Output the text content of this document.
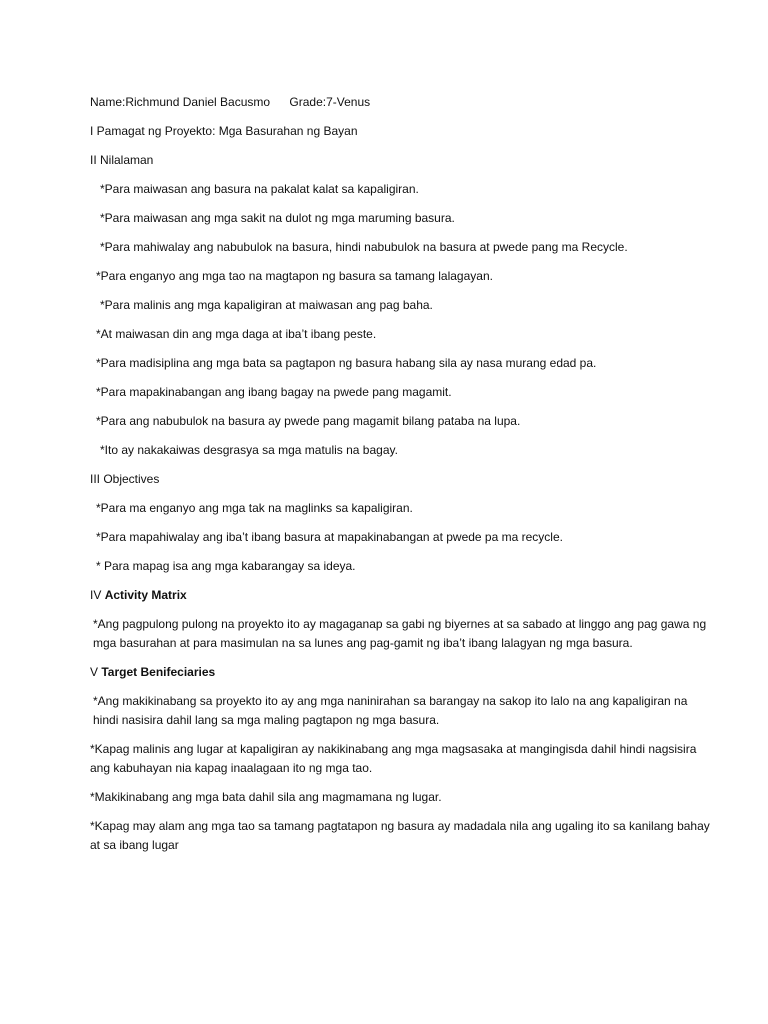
Name:Richmund Daniel Bacusmo Grade:7-Venus
I Pamagat ng Proyekto: Mga Basurahan ng Bayan
II Nilalaman
*Para maiwasan ang basura na pakalat kalat sa kapaligiran.
*Para maiwasan ang mga sakit na dulot ng mga maruming basura.
*Para mahiwalay ang nabubulok na basura, hindi nabubulok na basura at pwede pang ma Recycle.
*Para enganyo ang mga tao na magtapon ng basura sa tamang lalagayan.
*Para malinis ang mga kapaligiran at maiwasan ang pag baha.
*At maiwasan din ang mga daga at iba’t ibang peste.
*Para madisiplina ang mga bata sa pagtapon ng basura habang sila ay nasa murang edad pa.
*Para mapakinabangan ang ibang bagay na pwede pang magamit.
*Para ang nabubulok na basura ay pwede pang magamit bilang pataba na lupa.
*Ito ay nakakaiwas desgrasya sa mga matulis na bagay.
III Objectives
*Para ma enganyo ang mga tak na maglinks sa kapaligiran.
*Para mapahiwalay ang iba’t ibang basura at mapakinabangan at pwede pa ma recycle.
* Para mapag isa ang mga kabarangay sa ideya.
IV Activity Matrix
*Ang pagpulong pulong na proyekto ito ay magaganap sa gabi ng biyernes at sa sabado at linggo ang pag gawa ng mga basurahan at para masimulan na sa lunes ang pag-gamit ng iba’t ibang lalagyan ng mga basura.
V Target Benifeciaries
*Ang makikinabang sa proyekto ito ay ang mga naninirahan sa barangay na sakop ito lalo na ang kapaligiran na hindi nasisira dahil lang sa mga maling pagtapon ng mga basura.
*Kapag malinis ang lugar at kapaligiran ay nakikinabang ang mga magsasaka at mangingisda dahil hindi nagsisira ang kabuhayan nia kapag inaalagaan ito ng mga tao.
*Makikinabang ang mga bata dahil sila ang magmamana ng lugar.
*Kapag may alam ang mga tao sa tamang pagtatapon ng basura ay madadala nila ang ugaling ito sa kanilang bahay at sa ibang lugar
